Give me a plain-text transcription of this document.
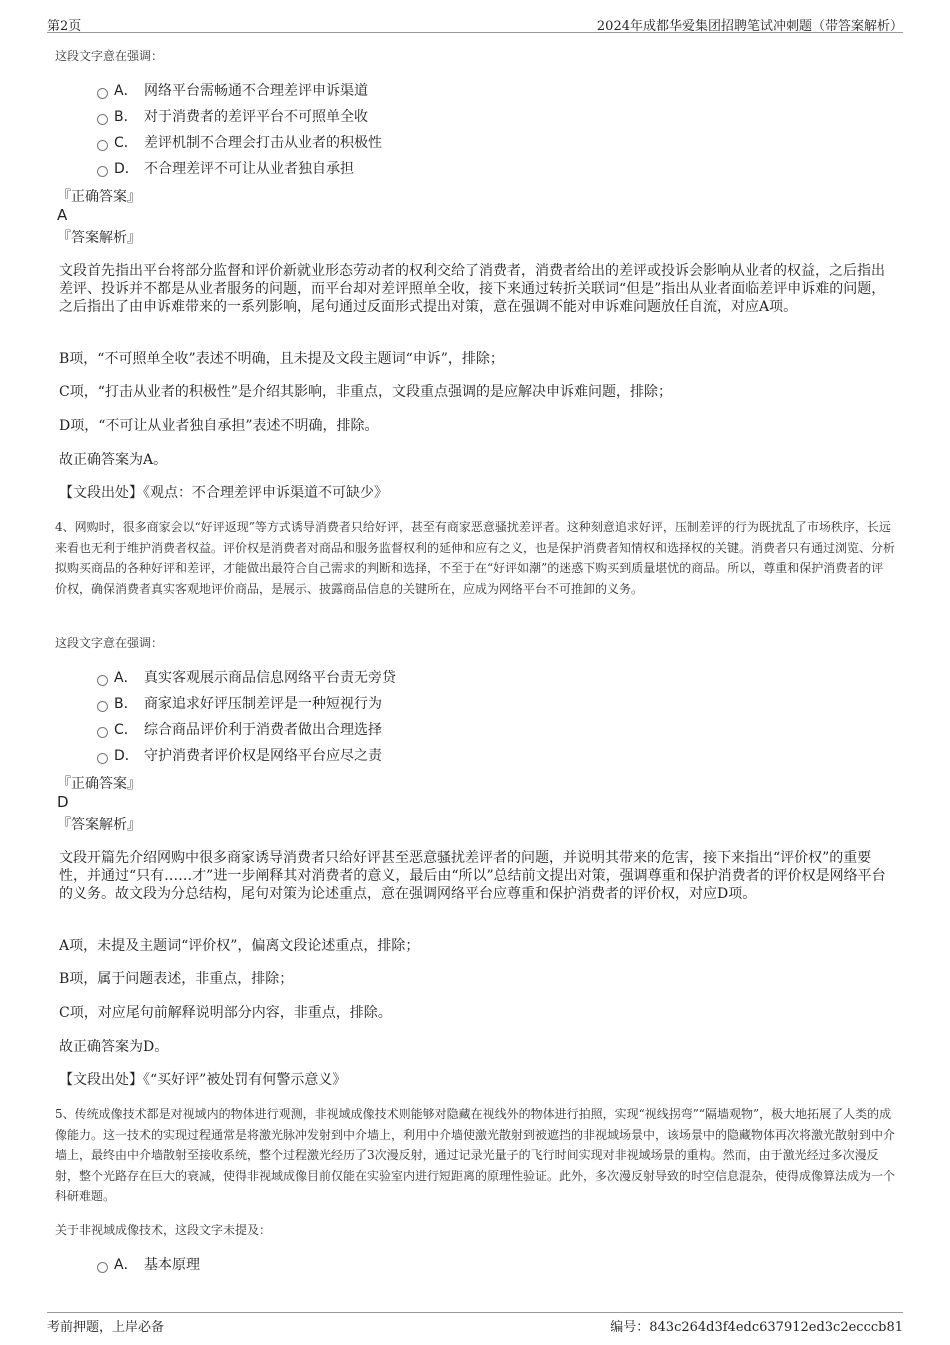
第2页	2024年成都华爱集团招聘笔试冲刺题（带答案解析）
这段文字意在强调：
A． 网络平台需畅通不合理差评申诉渠道
B． 对于消费者的差评平台不可照单全收
C． 差评机制不合理会打击从业者的积极性
D． 不合理差评不可让从业者独自承担
『正确答案』
A
『答案解析』
文段首先指出平台将部分监督和评价新就业形态劳动者的权利交给了消费者，消费者给出的差评或投诉会影响从业者的权益，之后指出差评、投诉并不都是从业者服务的问题，而平台却对差评照单全收，接下来通过转折关联词“但是”指出从业者面临差评申诉难的问题，之后指出了由申诉难带来的一系列影响，尾句通过反面形式提出对策，意在强调不能对申诉难问题放任自流，对应A项。
B项，“不可照单全收”表述不明确，且未提及文段主题词“申诉”，排除；
C项，“打击从业者的积极性”是介绍其影响，非重点，文段重点强调的是应解决申诉难问题，排除；
D项，“不可让从业者独自承担”表述不明确，排除。
故正确答案为A。
【文段出处】《观点：不合理差评申诉渠道不可缺少》
4、网购时，很多商家会以“好评返现”等方式诱导消费者只给好评，甚至有商家恶意骚扰差评者。这种刻意追求好评，压制差评的行为既扰乱了市场秩序，长远来看也无利于维护消费者权益。评价权是消费者对商品和服务监督权利的延伸和应有之义，也是保护消费者知情权和选择权的关键。消费者只有通过浏览、分析拟购买商品的各种好评和差评，才能做出最符合自己需求的判断和选择，不至于在“好评如潮”的迷惑下购买到质量堪忧的商品。所以，尊重和保护消费者的评价权，确保消费者真实客观地评价商品，是展示、披露商品信息的关键所在，应成为网络平台不可推卸的义务。
这段文字意在强调：
A． 真实客观展示商品信息网络平台责无旁贷
B． 商家追求好评压制差评是一种短视行为
C． 综合商品评价利于消费者做出合理选择
D． 守护消费者评价权是网络平台应尽之责
『正确答案』
D
『答案解析』
文段开篇先介绍网购中很多商家诱导消费者只给好评甚至恶意骚扰差评者的问题，并说明其带来的危害，接下来指出“评价权”的重要性，并通过“只有……才”进一步阐释其对消费者的意义，最后由“所以”总结前文提出对策，强调尊重和保护消费者的评价权是网络平台的义务。故文段为分总结构，尾句对策为论述重点，意在强调网络平台应尊重和保护消费者的评价权，对应D项。
A项，未提及主题词“评价权”，偏离文段论述重点，排除；
B项，属于问题表述，非重点，排除；
C项，对应尾句前解释说明部分内容，非重点，排除。
故正确答案为D。
【文段出处】《“买好评”被处罚有何警示意义》
5、传统成像技术都是对视域内的物体进行观测，非视域成像技术则能够对隐藏在视线外的物体进行拍照，实现“视线拐弯”“隔墙观物”，极大地拓展了人类的成像能力。这一技术的实现过程通常是将激光脉冲发射到中介墙上，利用中介墙使激光散射到被遮挡的非视域场景中，该场景中的隐藏物体再次将激光散射到中介墙上，最终由中介墙散射至接收系统，整个过程激光经历了3次漫反射，通过记录光量子的飞行时间实现对非视域场景的重构。然而，由于激光经过多次漫反射，整个光路存在巨大的衰减，使得非视域成像目前仅能在实验室内进行短距离的原理性验证。此外，多次漫反射导致的时空信息混杂，使得成像算法成为一个科研难题。
关于非视域成像技术，这段文字未提及：
A． 基本原理
考前押题，上岸必备	编号：843c264d3f4edc637912ed3c2ecccb81
